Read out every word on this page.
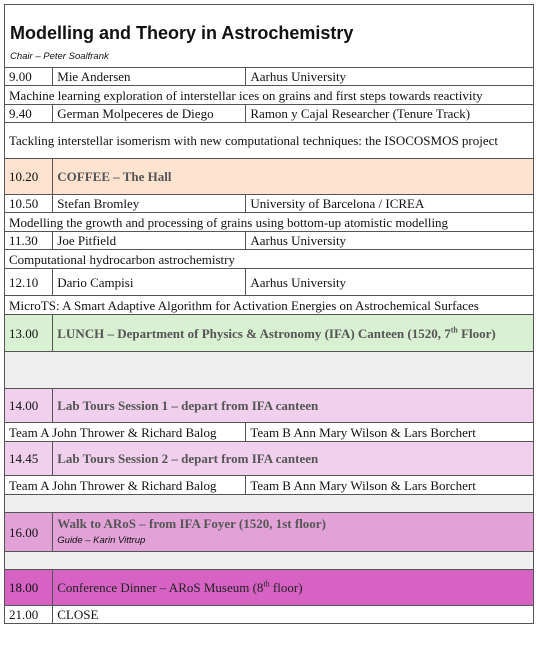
Modelling and Theory in Astrochemistry
Chair – Peter Soalfrank		

9.00	Mie Andersen	Aarhus University
Machine learning exploration of interstellar ices on grains and first steps towards reactivity		
9.40	German Molpeceres de Diego	Ramon y Cajal Researcher (Tenure Track)
Tackling interstellar isomerism with new computational techniques: the ISOCOSMOS project		
10.20	COFFEE – The Hall	
10.50	Stefan Bromley	University of Barcelona / ICREA
Modelling the growth and processing of grains using bottom-up atomistic modelling		
11.30	Joe Pitfield	Aarhus University
Computational hydrocarbon astrochemistry		
12.10	Dario Campisi	Aarhus University
MicroTS: A Smart Adaptive Algorithm for Activation Energies on Astrochemical Surfaces		
13.00	LUNCH – Department of Physics & Astronomy (IFA) Canteen (1520, 7th Floor)	

14.00	Lab Tours Session 1 – depart from IFA canteen	
Team A John Thrower & Richard Balog		Team B Ann Mary Wilson & Lars Borchert
14.45	Lab Tours Session 2 – depart from IFA canteen	
Team A John Thrower & Richard Balog		Team B Ann Mary Wilson & Lars Borchert

16.00	Walk to ARoS – from IFA Foyer (1520, 1st floor)
Guide – Karin Vittrup	

18.00	Conference Dinner – ARoS Museum (8th floor)	
21.00	CLOSE	
